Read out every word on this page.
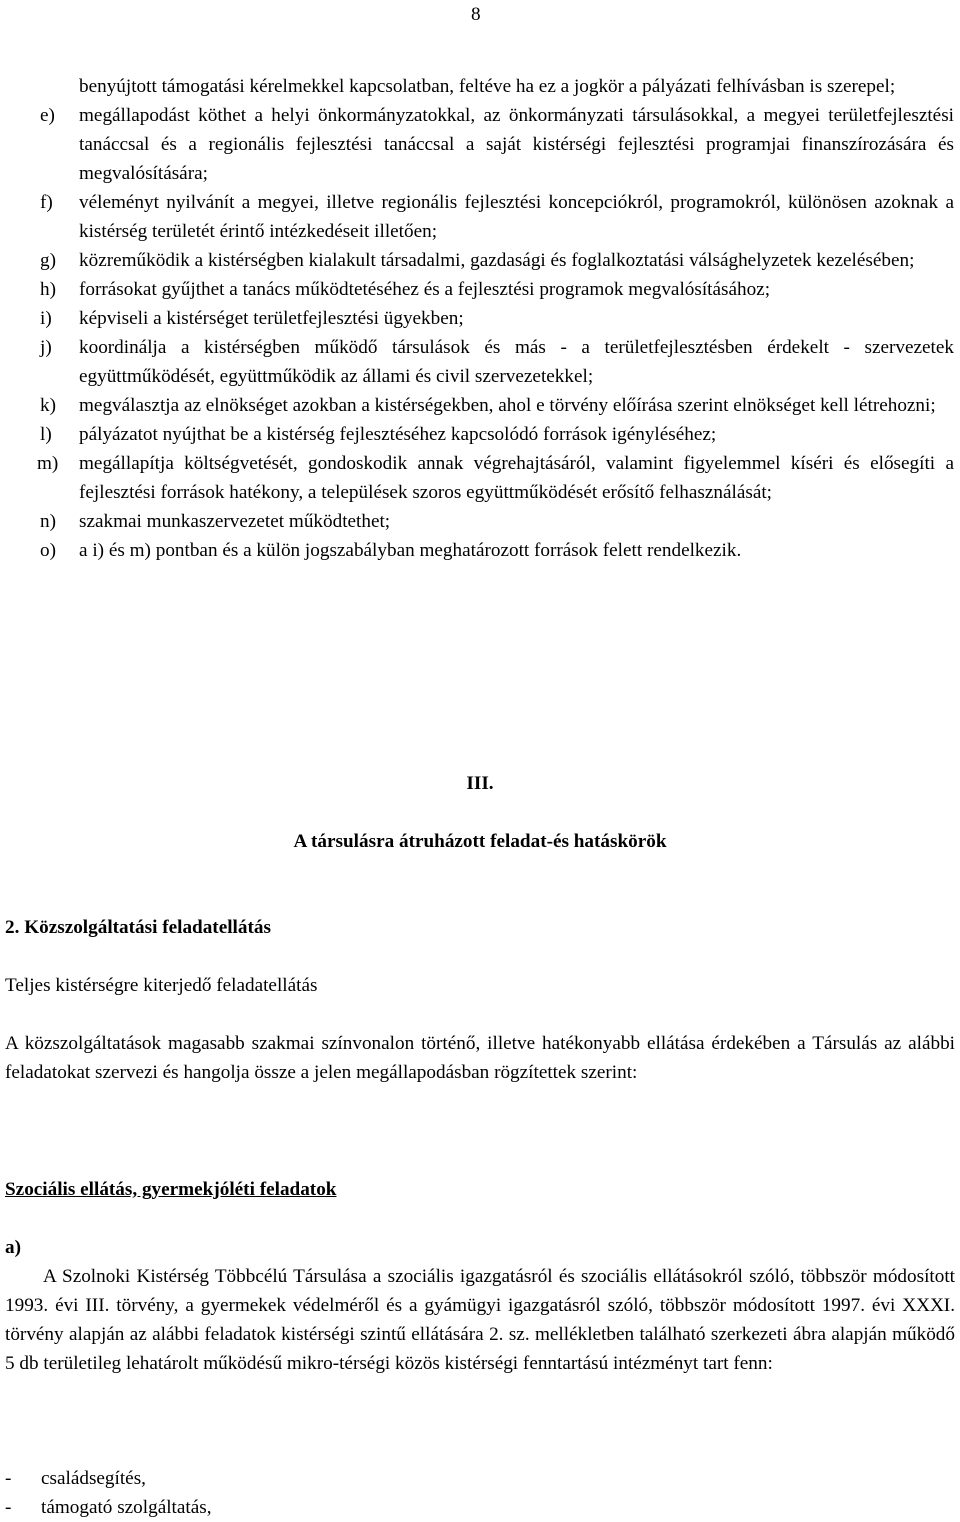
8
benyújtott támogatási kérelmekkel kapcsolatban, feltéve ha ez a jogkör a pályázati felhívásban is szerepel;
e) megállapodást köthet a helyi önkormányzatokkal, az önkormányzati társulásokkal, a megyei területfejlesztési tanáccsal és a regionális fejlesztési tanáccsal a saját kistérségi fejlesztési programjai finanszírozására és megvalósítására;
f) véleményt nyilvánít a megyei, illetve regionális fejlesztési koncepciókról, programokról, különösen azoknak a kistérség területét érintő intézkedéseit illetően;
g) közreműködik a kistérségben kialakult társadalmi, gazdasági és foglalkoztatási válsághelyzetek kezelésében;
h) forrásokat gyűjthet a tanács működtetéséhez és a fejlesztési programok megvalósításához;
i) képviseli a kistérséget területfejlesztési ügyekben;
j) koordinálja a kistérségben működő társulások és más - a területfejlesztésben érdekelt - szervezetek együttműködését, együttműködik az állami és civil szervezetekkel;
k) megválasztja az elnökséget azokban a kistérségekben, ahol e törvény előírása szerint elnökséget kell létrehozni;
l) pályázatot nyújthat be a kistérség fejlesztéséhez kapcsolódó források igényléséhez;
m) megállapítja költségvetését, gondoskodik annak végrehajtásáról, valamint figyelemmel kíséri és elősegíti a fejlesztési források hatékony, a települések szoros együttműködését erősítő felhasználását;
n) szakmai munkaszervezetet működtethet;
o) a i) és m) pontban és a külön jogszabályban meghatározott források felett rendelkezik.
III.
A társulásra átruházott feladat-és hatáskörök
2. Közszolgáltatási feladatellátás
Teljes kistérségre kiterjedő feladatellátás
A közszolgáltatások magasabb szakmai színvonalon történő, illetve hatékonyabb ellátása érdekében a Társulás az alábbi feladatokat szervezi és hangolja össze a jelen megállapodásban rögzítettek szerint:
Szociális ellátás, gyermekjóléti feladatok
a)
A Szolnoki Kistérség Többcélú Társulása a szociális igazgatásról és szociális ellátásokról szóló, többször módosított 1993. évi III. törvény, a gyermekek védelméről és a gyámügyi igazgatásról szóló, többször módosított 1997. évi XXXI. törvény alapján az alábbi feladatok kistérségi szintű ellátására 2. sz. mellékletben található szerkezeti ábra alapján működő 5 db területileg lehatárolt működésű mikro-térségi közös kistérségi fenntartású intézményt tart fenn:
- családsegítés,
- támogató szolgáltatás,
